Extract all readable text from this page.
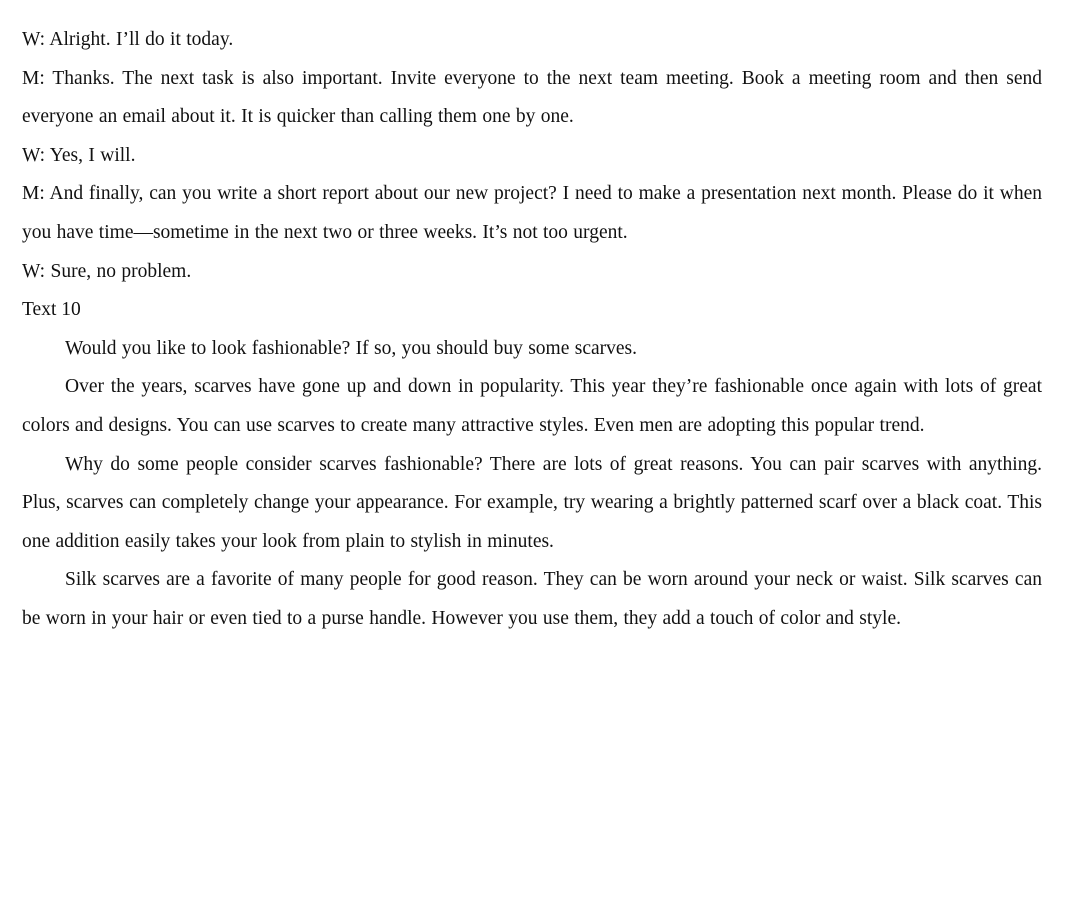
W: Alright. I’ll do it today.

M: Thanks. The next task is also important. Invite everyone to the next team meeting. Book a meeting room and then send everyone an email about it. It is quicker than calling them one by one.

W: Yes, I will.

M: And finally, can you write a short report about our new project? I need to make a presentation next month. Please do it when you have time—sometime in the next two or three weeks. It’s not too urgent.

W: Sure, no problem.

Text 10

Would you like to look fashionable? If so, you should buy some scarves.

Over the years, scarves have gone up and down in popularity. This year they’re fashionable once again with lots of great colors and designs. You can use scarves to create many attractive styles. Even men are adopting this popular trend.

Why do some people consider scarves fashionable? There are lots of great reasons. You can pair scarves with anything. Plus, scarves can completely change your appearance. For example, try wearing a brightly patterned scarf over a black coat. This one addition easily takes your look from plain to stylish in minutes.

Silk scarves are a favorite of many people for good reason. They can be worn around your neck or waist. Silk scarves can be worn in your hair or even tied to a purse handle. However you use them, they add a touch of color and style.
